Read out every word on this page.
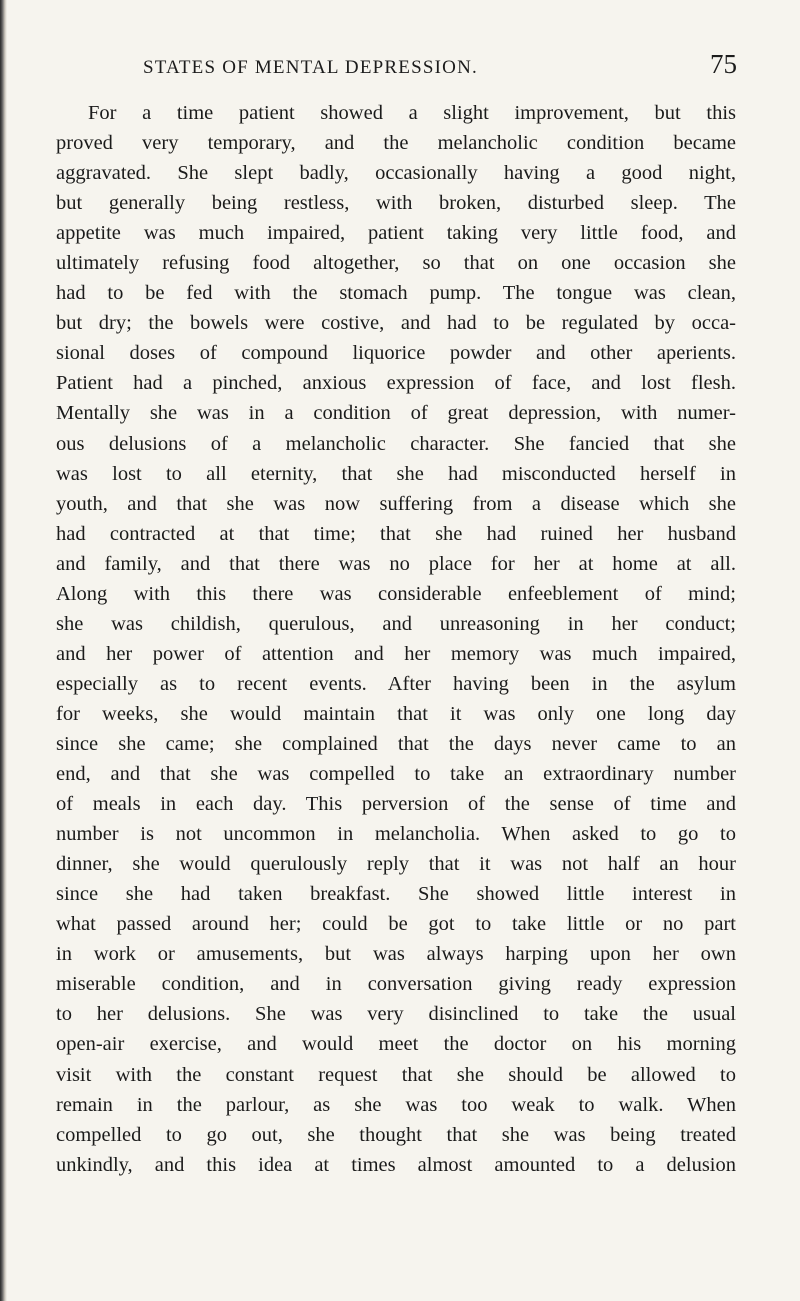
STATES OF MENTAL DEPRESSION.	75
For a time patient showed a slight improvement, but this
proved very temporary, and the melancholic condition became
aggravated. She slept badly, occasionally having a good night,
but generally being restless, with broken, disturbed sleep. The
appetite was much impaired, patient taking very little food, and
ultimately refusing food altogether, so that on one occasion she
had to be fed with the stomach pump. The tongue was clean,
but dry; the bowels were costive, and had to be regulated by occa-
sional doses of compound liquorice powder and other aperients.
Patient had a pinched, anxious expression of face, and lost flesh.
Mentally she was in a condition of great depression, with numer-
ous delusions of a melancholic character. She fancied that she
was lost to all eternity, that she had misconducted herself in
youth, and that she was now suffering from a disease which she
had contracted at that time; that she had ruined her husband
and family, and that there was no place for her at home at all.
Along with this there was considerable enfeeblement of mind;
she was childish, querulous, and unreasoning in her conduct;
and her power of attention and her memory was much impaired,
especially as to recent events. After having been in the asylum
for weeks, she would maintain that it was only one long day
since she came; she complained that the days never came to an
end, and that she was compelled to take an extraordinary number
of meals in each day. This perversion of the sense of time and
number is not uncommon in melancholia. When asked to go to
dinner, she would querulously reply that it was not half an hour
since she had taken breakfast. She showed little interest in
what passed around her; could be got to take little or no part
in work or amusements, but was always harping upon her own
miserable condition, and in conversation giving ready expression
to her delusions. She was very disinclined to take the usual
open-air exercise, and would meet the doctor on his morning
visit with the constant request that she should be allowed to
remain in the parlour, as she was too weak to walk. When
compelled to go out, she thought that she was being treated
unkindly, and this idea at times almost amounted to a delusion
